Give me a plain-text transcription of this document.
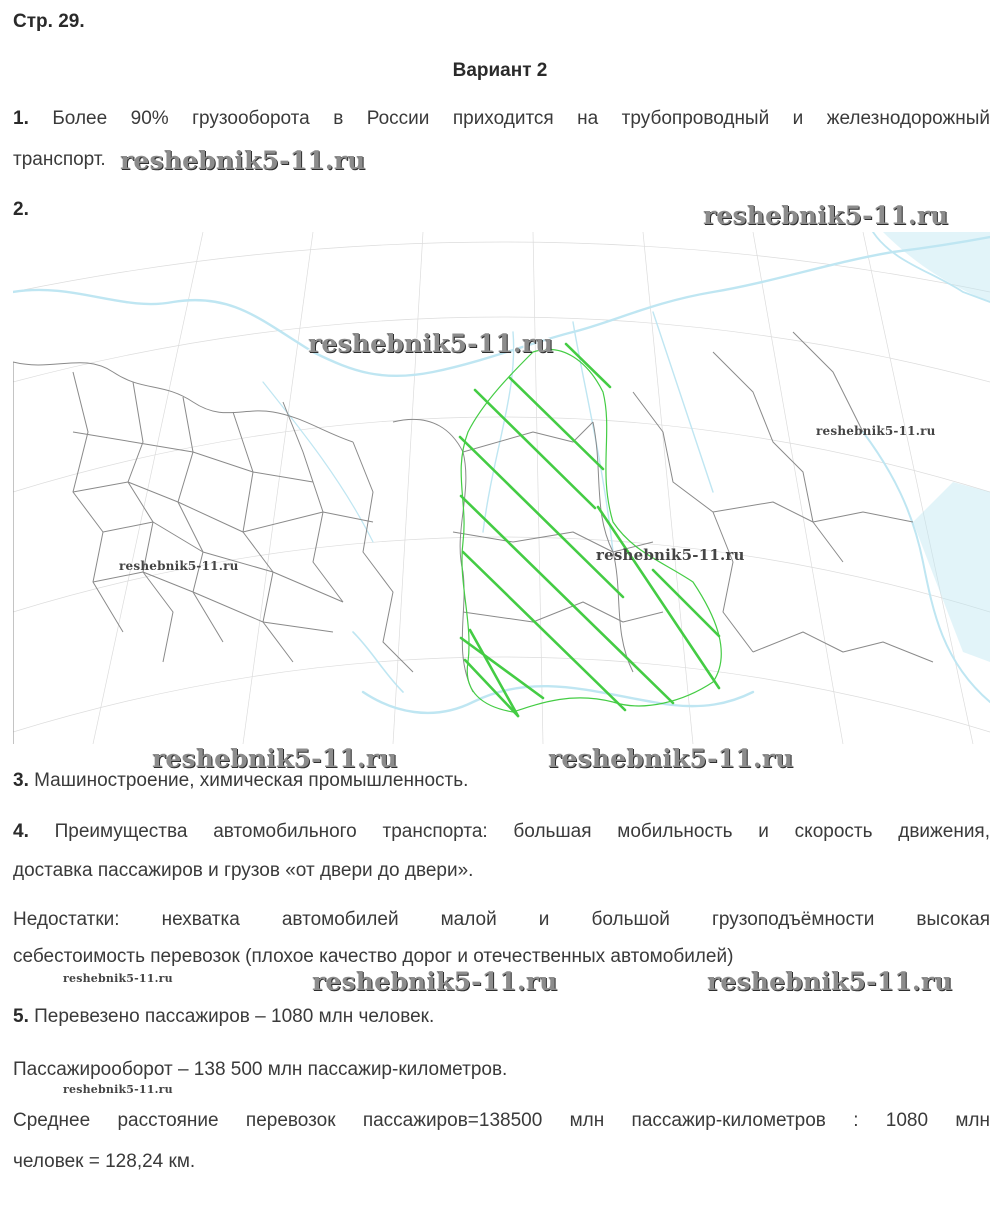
Стр. 29.
Вариант 2
1. Более 90% грузооборота в России приходится на трубопроводный и железнодорожный
транспорт.
2.
3. Машиностроение, химическая промышленность.
4. Преимущества автомобильного транспорта: большая мобильность и скорость движения,
доставка пассажиров и грузов «от двери до двери».
Недостатки: нехватка автомобилей малой и большой грузоподъёмности высокая
себестоимость перевозок (плохое качество дорог и отечественных автомобилей)
5. Перевезено пассажиров – 1080 млн человек.
Пассажирооборот – 138 500 млн пассажир-километров.
Среднее расстояние перевозок пассажиров=138500 млн пассажир-километров : 1080 млн
человек = 128,24 км.
reshebnik5-11.ru
reshebnik5-11.ru
reshebnik5-11.ru
reshebnik5-11.ru
reshebnik5-11.ru
reshebnik5-11.ru
reshebnik5-11.ru	reshebnik5-11.ru
reshebnik5-11.ru	reshebnik5-11.ru	reshebnik5-11.ru
reshebnik5-11.ru
